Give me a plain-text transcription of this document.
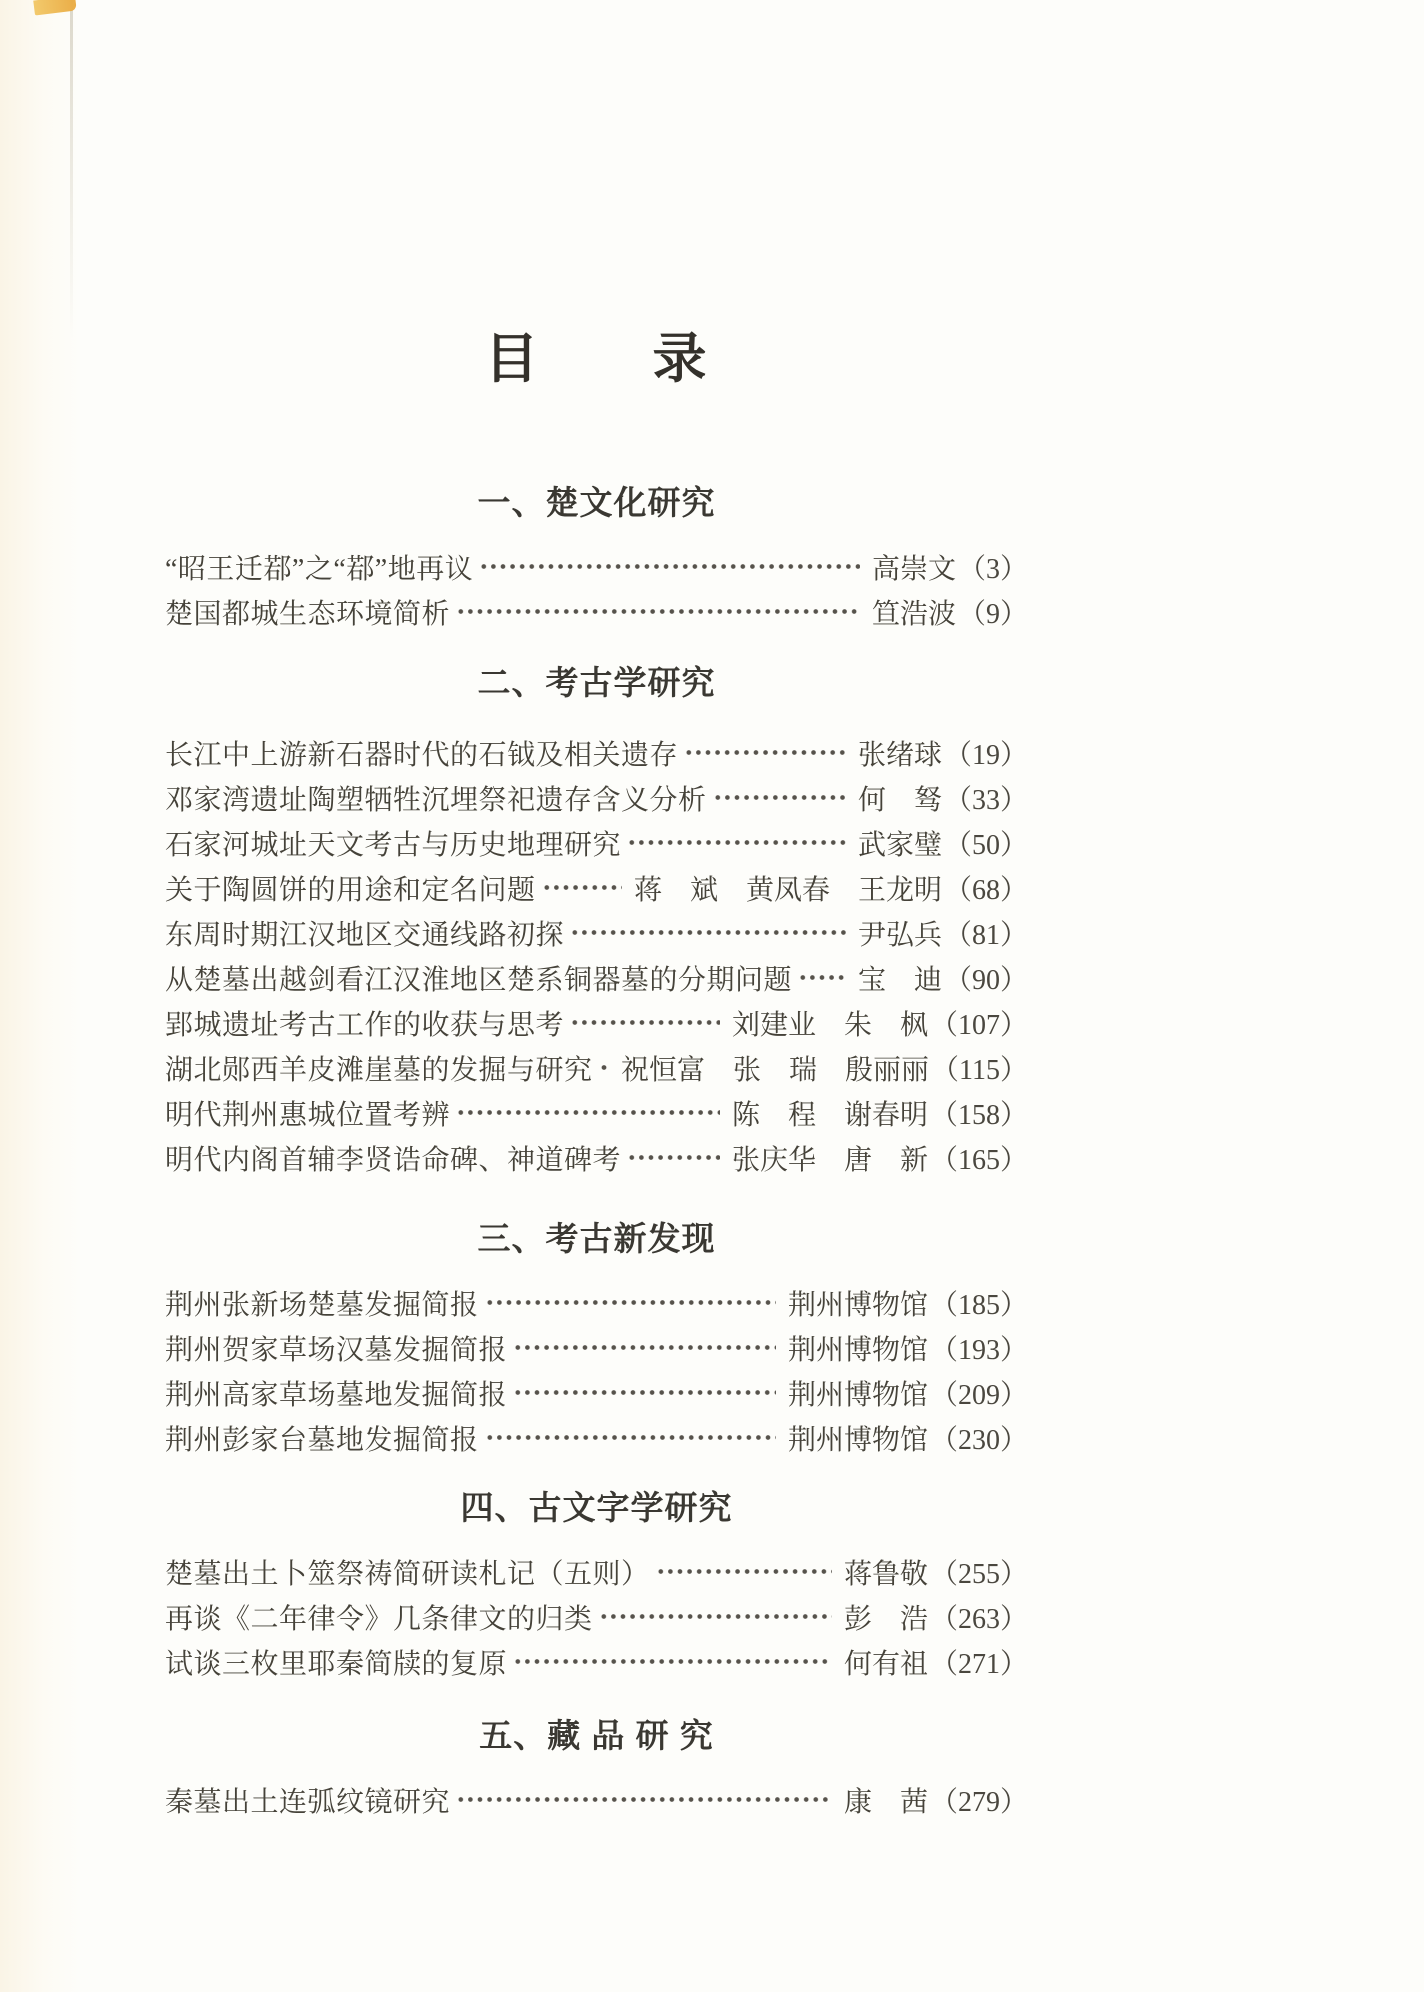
目　　录
一、楚文化研究
“昭王迁鄀”之“鄀”地再议	高崇文 （3）
楚国都城生态环境简析	笪浩波 （9）
二、考古学研究
长江中上游新石器时代的石钺及相关遗存	张绪球 （19）
邓家湾遗址陶塑牺牲沉埋祭祀遗存含义分析	何　驽 （33）
石家河城址天文考古与历史地理研究	武家璧 （50）
关于陶圆饼的用途和定名问题	蒋　斌　黄凤春　王龙明 （68）
东周时期江汉地区交通线路初探	尹弘兵 （81）
从楚墓出越剑看江汉淮地区楚系铜器墓的分期问题 宝　迪 （90）
郢城遗址考古工作的收获与思考	刘建业　朱　枫 （107）
湖北郧西羊皮滩崖墓的发掘与研究 祝恒富　张　瑞　殷丽丽 （115）
明代荆州惠城位置考辨	陈　程　谢春明 （158）
明代内阁首辅李贤诰命碑、神道碑考	张庆华　唐　新 （165）
三、考古新发现
荆州张新场楚墓发掘简报	荆州博物馆 （185）
荆州贺家草场汉墓发掘简报	荆州博物馆 （193）
荆州高家草场墓地发掘简报	荆州博物馆 （209）
荆州彭家台墓地发掘简报	荆州博物馆 （230）
四、古文字学研究
楚墓出土卜筮祭祷简研读札记（五则）	蒋鲁敬 （255）
再谈《二年律令》几条律文的归类	彭　浩 （263）
试谈三枚里耶秦简牍的复原	何有祖 （271）
五、藏 品 研 究
秦墓出土连弧纹镜研究	康　茜 （279）
